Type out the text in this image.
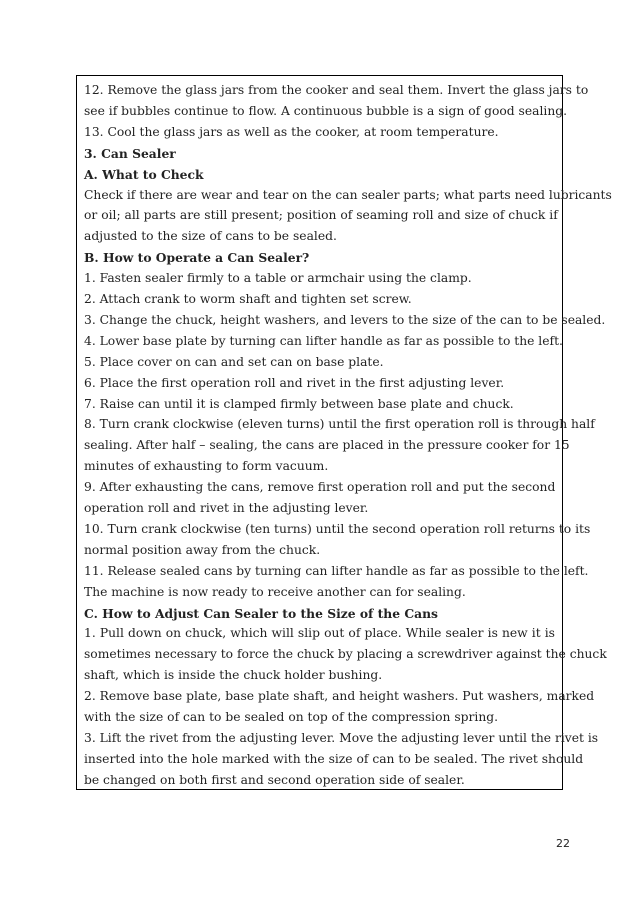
12. Remove the glass jars from the cooker and seal them. Invert the glass jars to
see if bubbles continue to flow. A continuous bubble is a sign of good sealing.
13. Cool the glass jars as well as the cooker, at room temperature.
3. Can Sealer
A. What to Check
Check if there are wear and tear on the can sealer parts; what parts need lubricants
or oil; all parts are still present; position of seaming roll and size of chuck if
adjusted to the size of cans to be sealed.
B. How to Operate a Can Sealer?
1. Fasten sealer firmly to a table or armchair using the clamp.
2. Attach crank to worm shaft and tighten set screw.
3. Change the chuck, height washers, and levers to the size of the can to be sealed.
4. Lower base plate by turning can lifter handle as far as possible to the left.
5. Place cover on can and set can on base plate.
6. Place the first operation roll and rivet in the first adjusting lever.
7. Raise can until it is clamped firmly between base plate and chuck.
8. Turn crank clockwise (eleven turns) until the first operation roll is through half
sealing. After half – sealing, the cans are placed in the pressure cooker for 15
minutes of exhausting to form vacuum.
9. After exhausting the cans, remove first operation roll and put the second
operation roll and rivet in the adjusting lever.
10. Turn crank clockwise (ten turns) until the second operation roll returns to its
normal position away from the chuck.
11. Release sealed cans by turning can lifter handle as far as possible to the left.
The machine is now ready to receive another can for sealing.
C. How to Adjust Can Sealer to the Size of the Cans
1. Pull down on chuck, which will slip out of place. While sealer is new it is
sometimes necessary to force the chuck by placing a screwdriver against the chuck
shaft, which is inside the chuck holder bushing.
2. Remove base plate, base plate shaft, and height washers. Put washers, marked
with the size of can to be sealed on top of the compression spring.
3. Lift the rivet from the adjusting lever. Move the adjusting lever until the rivet is
inserted into the hole marked with the size of can to be sealed. The rivet should
be changed on both first and second operation side of sealer.
22
